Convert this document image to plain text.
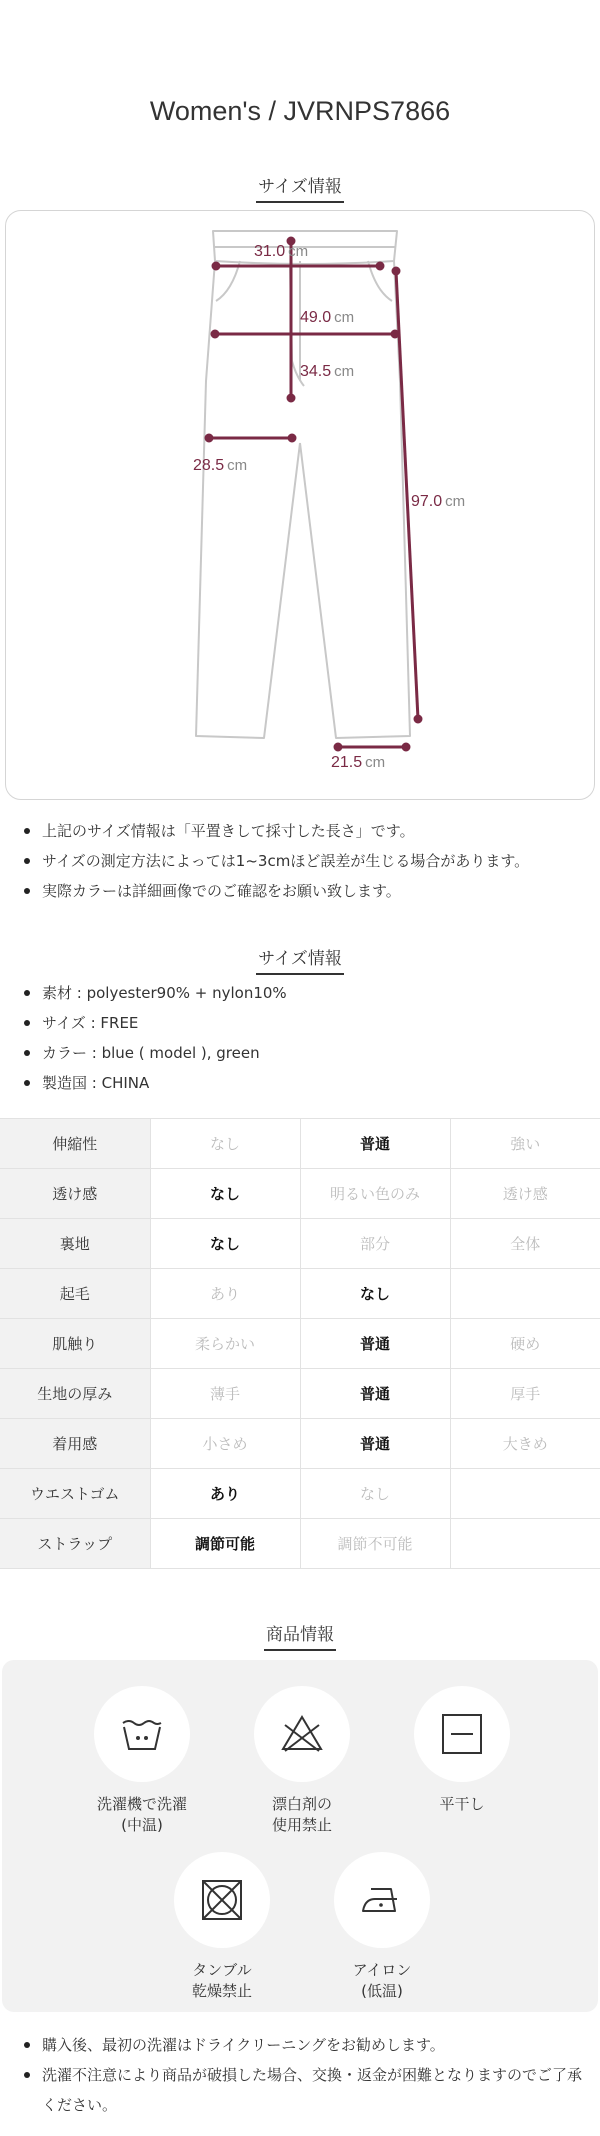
Women's / JVRNPS7866
サイズ情報
31.0 cm
49.0 cm
34.5 cm
28.5 cm
97.0 cm
21.5 cm
上記のサイズ情報は「平置きして採寸した長さ」です。
サイズの測定方法によっては1~3cmほど誤差が生じる場合があります。
実際カラーは詳細画像でのご確認をお願い致します。
サイズ情報
素材 : polyester90% + nylon10%
サイズ : FREE
カラー : blue ( model ), green
製造国 : CHINA
伸縮性	なし	普通	強い
透け感	なし	明るい色のみ	透け感
裏地	なし	部分	全体
起毛	あり	なし	
肌触り	柔らかい	普通	硬め
生地の厚み	薄手	普通	厚手
着用感	小さめ	普通	大きめ
ウエストゴム	あり	なし	
ストラップ	調節可能	調節不可能	
商品情報
洗濯機で洗濯
(中温)
漂白剤の
使用禁止
平干し
タンブル
乾燥禁止
アイロン
(低温)
購入後、最初の洗濯はドライクリーニングをお勧めします。
洗濯不注意により商品が破損した場合、交換・返金が困難となりますのでご了承ください。
